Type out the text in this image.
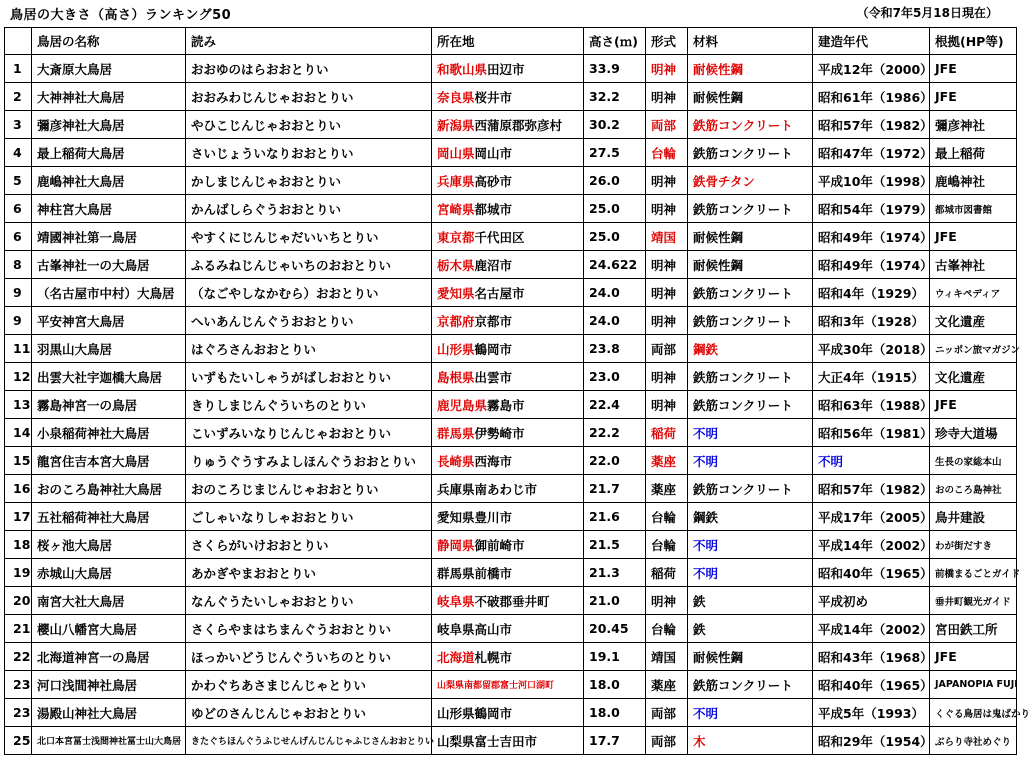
鳥居の大きさ（高さ）ランキング50	（令和7年5月18日現在）
	鳥居の名称	読み	所在地	高さ(ｍ)	形式	材料	建造年代	根拠(HP等)
1	大斎原大鳥居	おおゆのはらおおとりい	和歌山県田辺市	33.9	明神	耐候性鋼	平成12年（2000）	JFE
2	大神神社大鳥居	おおみわじんじゃおおとりい	奈良県桜井市	32.2	明神	耐候性鋼	昭和61年（1986）	JFE
3	彌彦神社大鳥居	やひこじんじゃおおとりい	新潟県西蒲原郡弥彦村	30.2	両部	鉄筋コンクリート	昭和57年（1982）	彌彦神社
4	最上稲荷大鳥居	さいじょういなりおおとりい	岡山県岡山市	27.5	台輪	鉄筋コンクリート	昭和47年（1972）	最上稲荷
5	鹿嶋神社大鳥居	かしまじんじゃおおとりい	兵庫県高砂市	26.0	明神	鉄骨チタン	平成10年（1998）	鹿嶋神社
6	神柱宮大鳥居	かんばしらぐうおおとりい	宮崎県都城市	25.0	明神	鉄筋コンクリート	昭和54年（1979）	都城市図書館
6	靖國神社第一鳥居	やすくにじんじゃだいいちとりい	東京都千代田区	25.0	靖国	耐候性鋼	昭和49年（1974）	JFE
8	古峯神社一の大鳥居	ふるみねじんじゃいちのおおとりい	栃木県鹿沼市	24.622	明神	耐候性鋼	昭和49年（1974）	古峯神社
9	（名古屋市中村）大鳥居	（なごやしなかむら）おおとりい	愛知県名古屋市	24.0	明神	鉄筋コンクリート	昭和4年（1929）	ウィキペディア
9	平安神宮大鳥居	へいあんじんぐうおおとりい	京都府京都市	24.0	明神	鉄筋コンクリート	昭和3年（1928）	文化遺産
11	羽黒山大鳥居	はぐろさんおおとりい	山形県鶴岡市	23.8	両部	鋼鉄	平成30年（2018）	ニッポン旅マガジン
12	出雲大社宇迦橋大鳥居	いずもたいしゃうがばしおおとりい	島根県出雲市	23.0	明神	鉄筋コンクリート	大正4年（1915）	文化遺産
13	霧島神宮一の鳥居	きりしまじんぐういちのとりい	鹿児島県霧島市	22.4	明神	鉄筋コンクリート	昭和63年（1988）	JFE
14	小泉稲荷神社大鳥居	こいずみいなりじんじゃおおとりい	群馬県伊勢崎市	22.2	稲荷	不明	昭和56年（1981）	珍寺大道場
15	龍宮住吉本宮大鳥居	りゅうぐうすみよしほんぐうおおとりい	長崎県西海市	22.0	薬座	不明	不明	生長の家総本山
16	おのころ島神社大鳥居	おのころじまじんじゃおおとりい	兵庫県南あわじ市	21.7	薬座	鉄筋コンクリート	昭和57年（1982）	おのころ島神社
17	五社稲荷神社大鳥居	ごしゃいなりしゃおおとりい	愛知県豊川市	21.6	台輪	鋼鉄	平成17年（2005）	鳥井建設
18	桜ヶ池大鳥居	さくらがいけおおとりい	静岡県御前崎市	21.5	台輪	不明	平成14年（2002）	わが街だすき
19	赤城山大鳥居	あかぎやまおおとりい	群馬県前橋市	21.3	稲荷	不明	昭和40年（1965）	前橋まるごとガイド
20	南宮大社大鳥居	なんぐうたいしゃおおとりい	岐阜県不破郡垂井町	21.0	明神	鉄	平成初め	垂井町観光ガイド
21	櫻山八幡宮大鳥居	さくらやまはちまんぐうおおとりい	岐阜県高山市	20.45	台輪	鉄	平成14年（2002）	宮田鉄工所
22	北海道神宮一の鳥居	ほっかいどうじんぐういちのとりい	北海道札幌市	19.1	靖国	耐候性鋼	昭和43年（1968）	JFE
23	河口浅間神社鳥居	かわぐちあさまじんじゃとりい	山梨県南都留郡富士河口湖町	18.0	薬座	鉄筋コンクリート	昭和40年（1965）	JAPANOPIA FUJI
23	湯殿山神社大鳥居	ゆどのさんじんじゃおおとりい	山形県鶴岡市	18.0	両部	不明	平成5年（1993）	くぐる鳥居は鬼ばかり
25	北口本宮冨士浅間神社冨士山大鳥居	きたぐちほんぐうふじせんげんじんじゃふじさんおおとりい	山梨県富士吉田市	17.7	両部	木	昭和29年（1954）	ぶらり寺社めぐり
